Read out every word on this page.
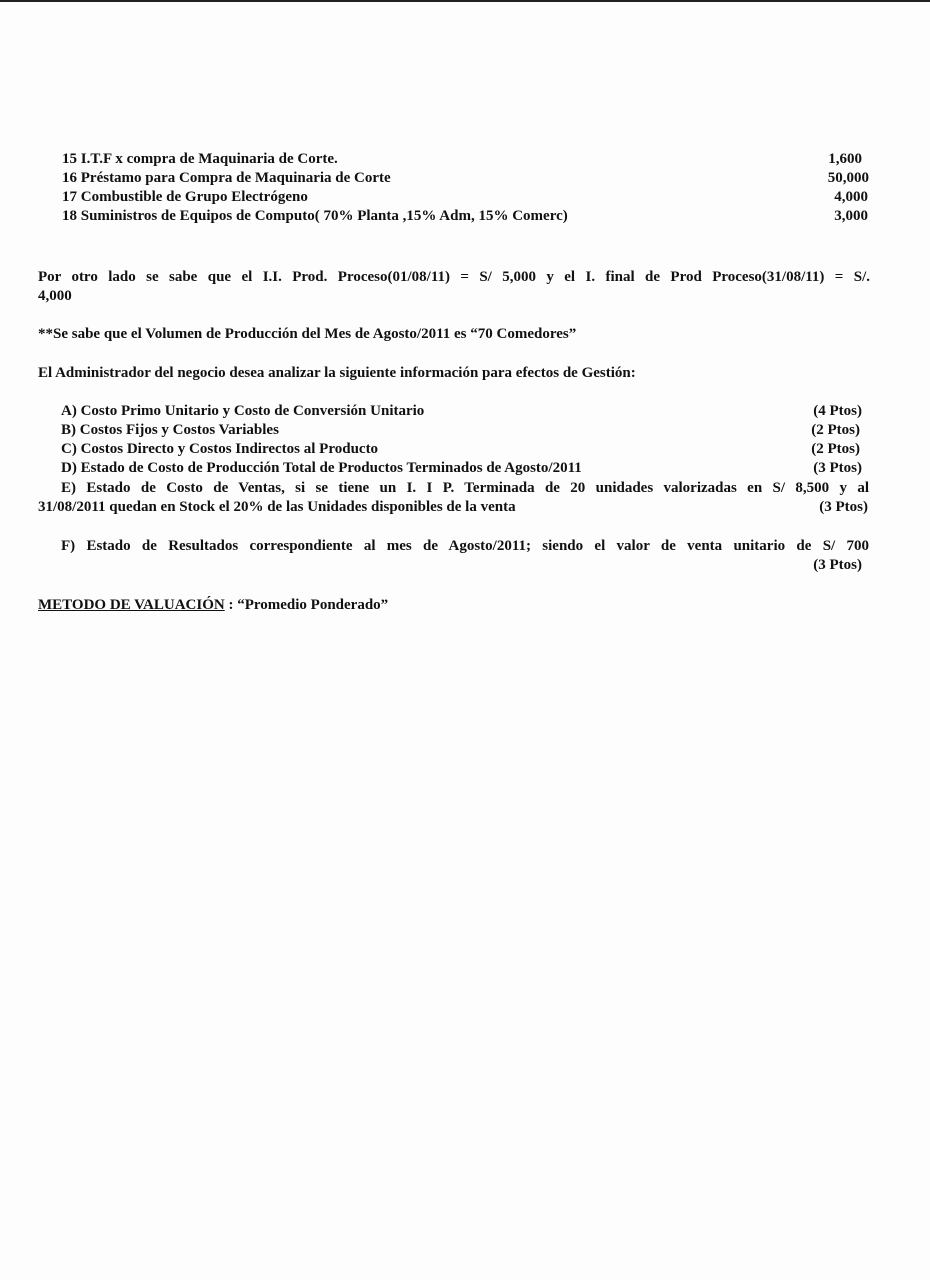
15 I.T.F x compra de Maquinaria de Corte.	1,600
16 Préstamo para Compra de Maquinaria de Corte	50,000
17 Combustible de Grupo Electrógeno	4,000
18 Suministros de Equipos de Computo( 70% Planta ,15% Adm, 15% Comerc)	3,000
Por otro lado se sabe que el I.I. Prod. Proceso(01/08/11) = S/ 5,000 y el I. final de Prod Proceso(31/08/11) = S/.
4,000
**Se sabe que el Volumen de Producción del Mes de Agosto/2011 es “70 Comedores”
El Administrador del negocio desea analizar la siguiente información para efectos de Gestión:
A) Costo Primo Unitario y Costo de Conversión Unitario	(4 Ptos)
B) Costos Fijos y Costos Variables	(2 Ptos)
C) Costos Directo y Costos Indirectos al Producto	(2 Ptos)
D) Estado de Costo de Producción Total de Productos Terminados de Agosto/2011	(3 Ptos)
E) Estado de Costo de Ventas, si se tiene un I. I P. Terminada de 20 unidades valorizadas en S/ 8,500 y al
31/08/2011 quedan en Stock el 20% de las Unidades disponibles de la venta	(3 Ptos)
F) Estado de Resultados correspondiente al mes de Agosto/2011; siendo el valor de venta unitario de S/ 700
(3 Ptos)
METODO DE VALUACIÓN : “Promedio Ponderado”
